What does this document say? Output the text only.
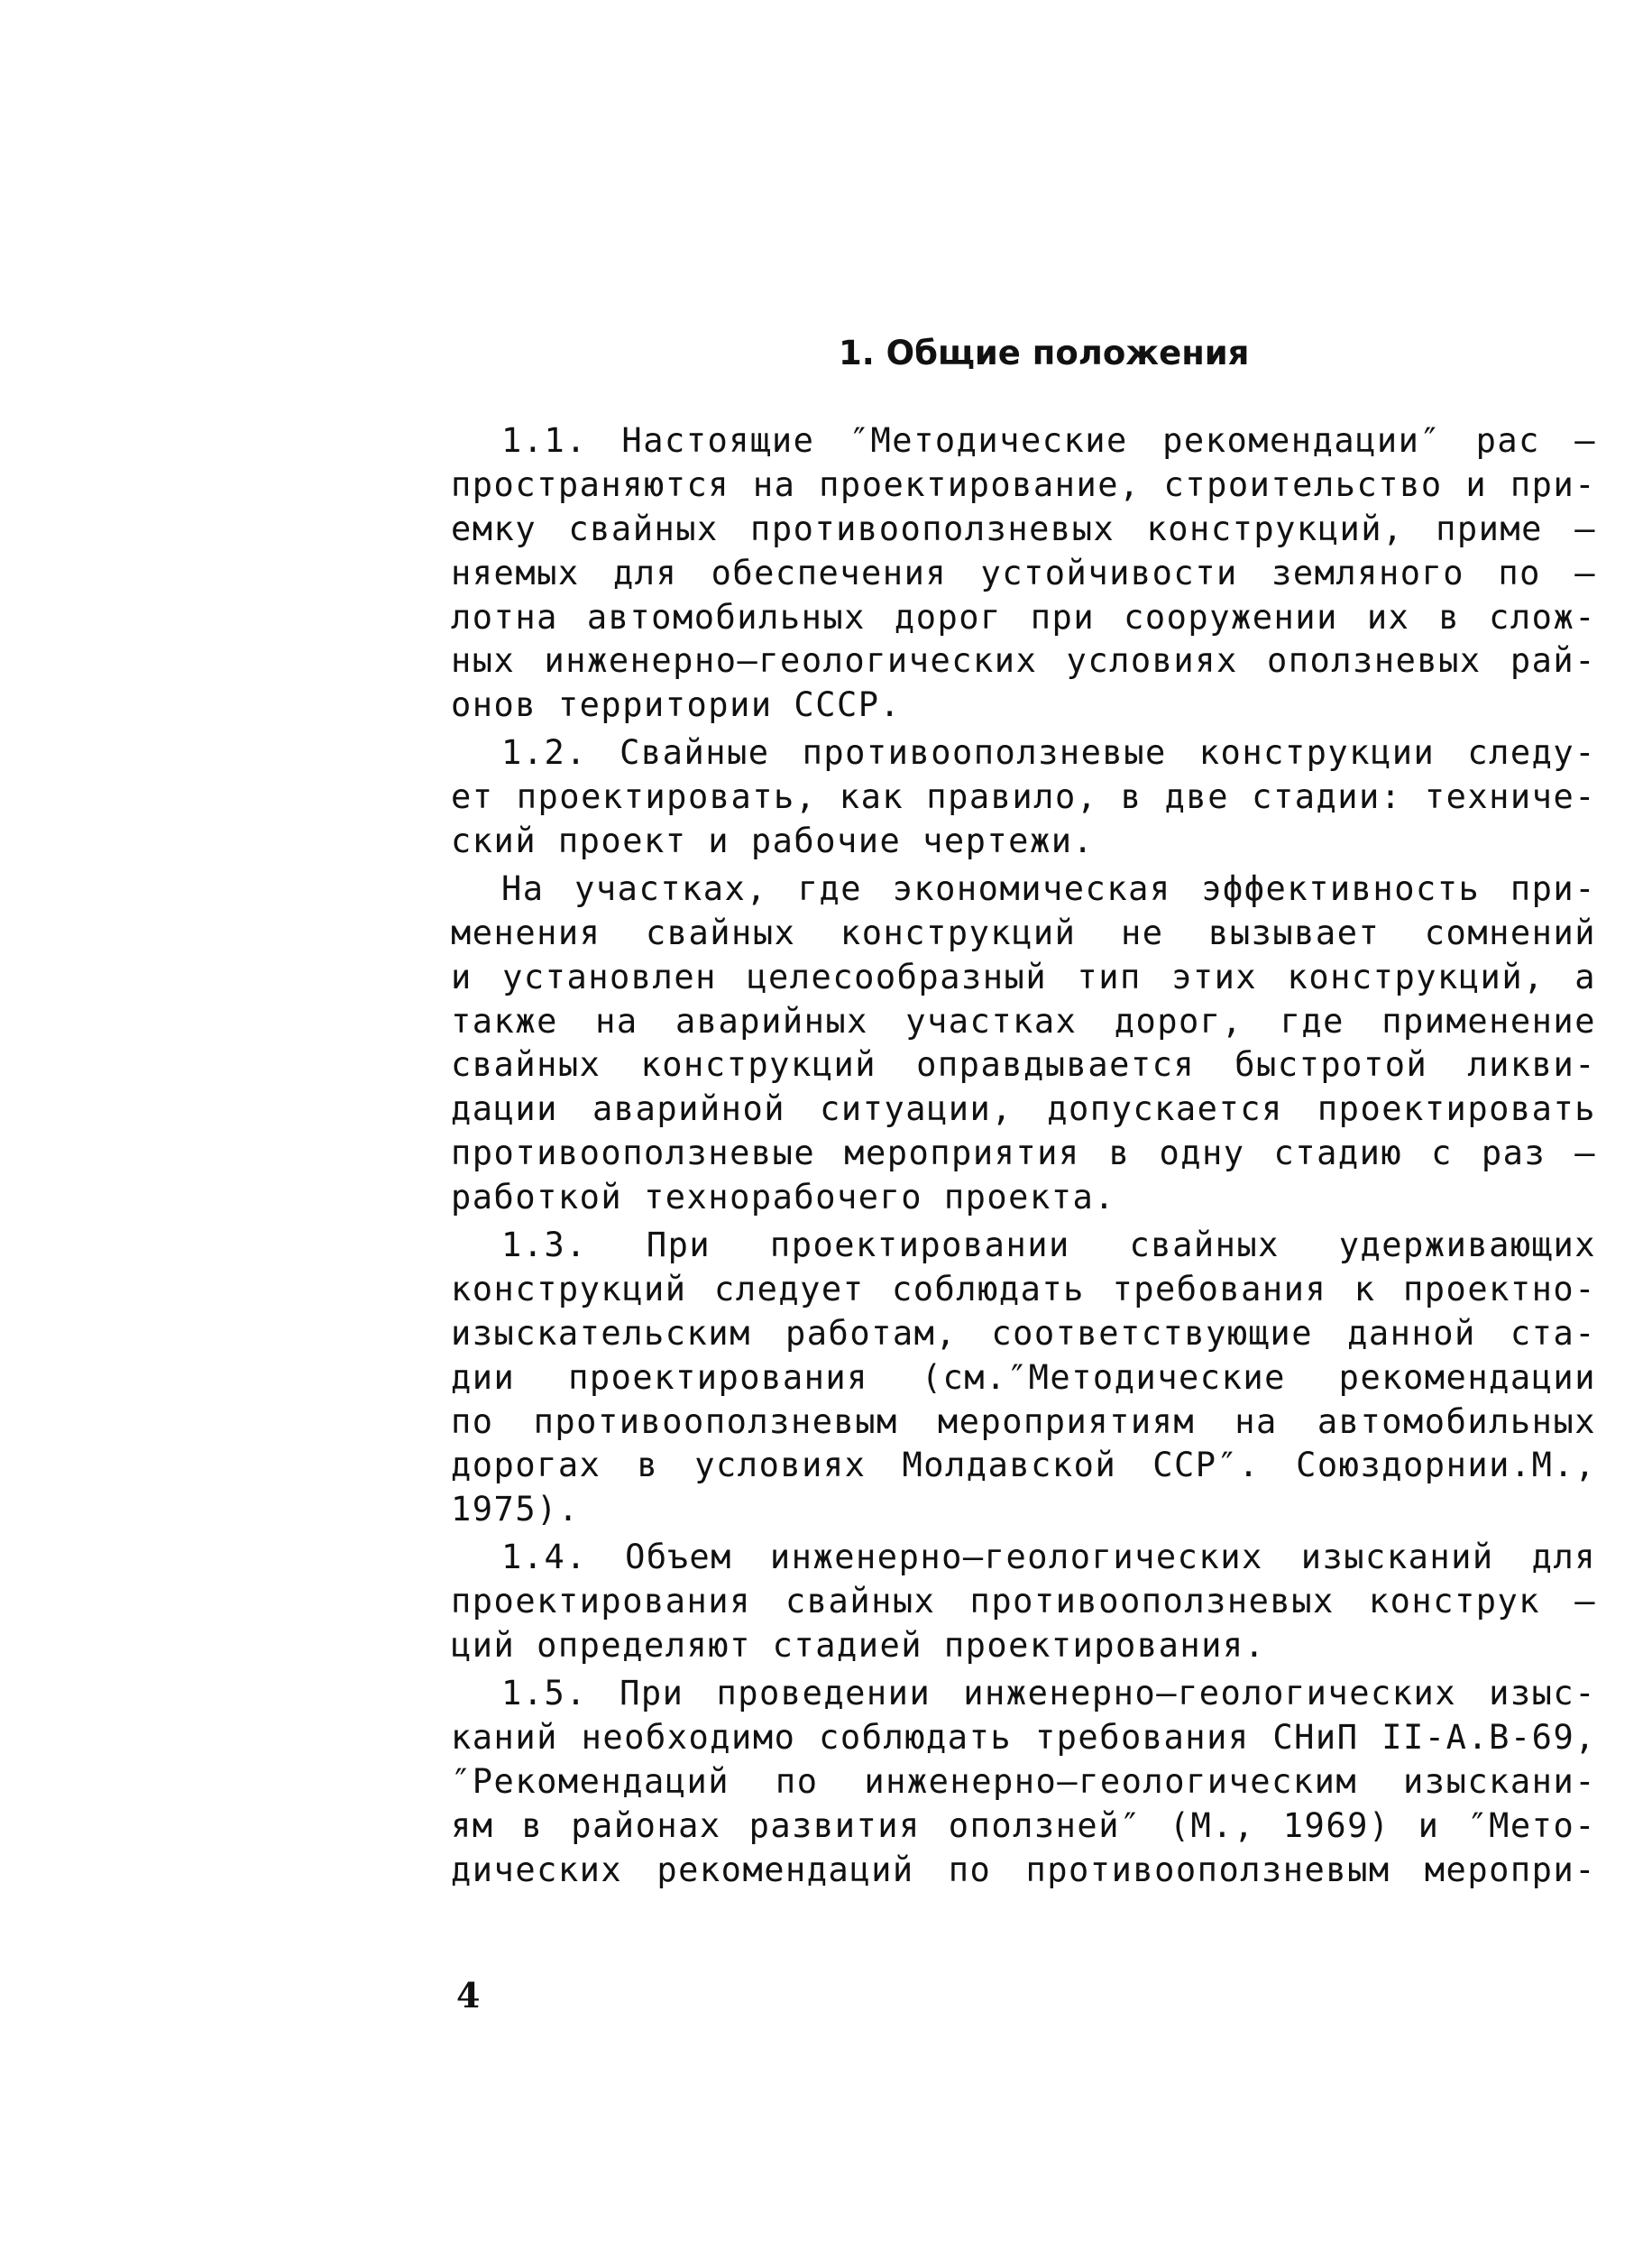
1. Общие положения
1.1. Настоящие ″Методические рекомендации″ рас –
пространяются на проектирование, строительство и при-
емку свайных противооползневых конструкций, приме –
няемых для обеспечения устойчивости земляного по –
лотна автомобильных дорог при сооружении их в слож-
ных инженерно–геологических условиях оползневых рай-
онов территории СССР.
1.2. Свайные противооползневые конструкции следу-
ет проектировать, как правило, в две стадии: техниче-
ский проект и рабочие чертежи.
На участках, где экономическая эффективность при-
менения свайных конструкций не вызывает сомнений
и установлен целесообразный тип этих конструкций, а
также на аварийных участках дорог, где применение
свайных конструкций оправдывается быстротой ликви-
дации аварийной ситуации, допускается проектировать
противооползневые мероприятия в одну стадию с раз –
работкой технорабочего проекта.
1.3. При проектировании свайных удерживающих
конструкций следует соблюдать требования к проектно-
изыскательским работам, соответствующие данной ста-
дии проектирования (см.″Методические рекомендации
по противооползневым мероприятиям на автомобильных
дорогах в условиях Молдавской ССР″. Союздорнии.М.,
1975).
1.4. Объем инженерно–геологических изысканий для
проектирования свайных противооползневых конструк –
ций определяют стадией проектирования.
1.5. При проведении инженерно–геологических изыс-
каний необходимо соблюдать требования СНиП II-А.В-69,
″Рекомендаций по инженерно–геологическим изыскани-
ям в районах развития оползней″ (М., 1969) и ″Мето-
дических рекомендаций по противооползневым меропри-

4
